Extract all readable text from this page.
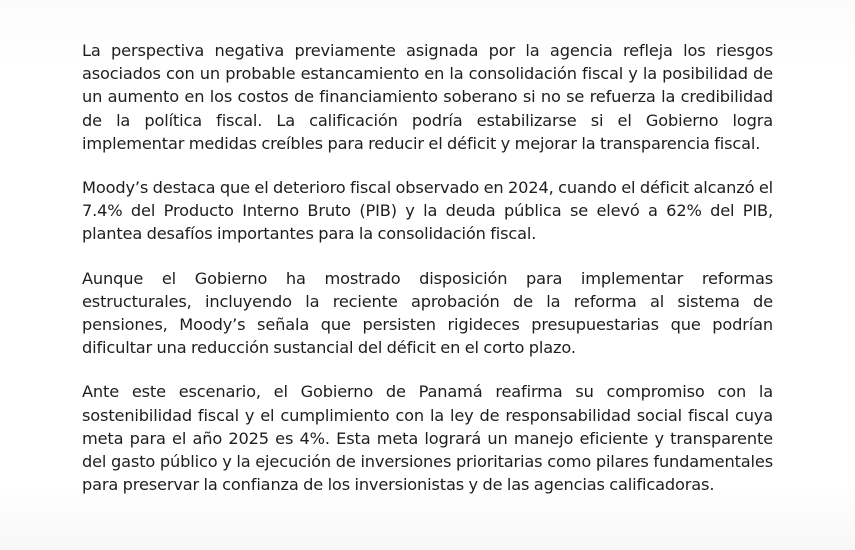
La perspectiva negativa previamente asignada por la agencia refleja los riesgos asociados con un probable estancamiento en la consolidación fiscal y la posibilidad de un aumento en los costos de financiamiento soberano si no se refuerza la credibilidad de la política fiscal. La calificación podría estabilizarse si el Gobierno logra implementar medidas creíbles para reducir el déficit y mejorar la transparencia fiscal.

Moody’s destaca que el deterioro fiscal observado en 2024, cuando el déficit alcanzó el 7.4% del Producto Interno Bruto (PIB) y la deuda pública se elevó a 62% del PIB, plantea desafíos importantes para la consolidación fiscal.

Aunque el Gobierno ha mostrado disposición para implementar reformas estructurales, incluyendo la reciente aprobación de la reforma al sistema de pensiones, Moody’s señala que persisten rigideces presupuestarias que podrían dificultar una reducción sustancial del déficit en el corto plazo.

Ante este escenario, el Gobierno de Panamá reafirma su compromiso con la sostenibilidad fiscal y el cumplimiento con la ley de responsabilidad social fiscal cuya meta para el año 2025 es 4%. Esta meta logrará un manejo eficiente y transparente del gasto público y la ejecución de inversiones prioritarias como pilares fundamentales para preservar la confianza de los inversionistas y de las agencias calificadoras.
